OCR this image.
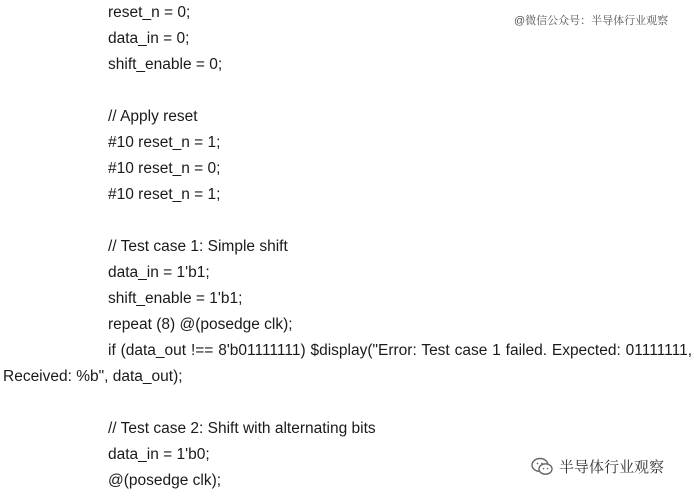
reset_n = 0;
data_in = 0;
shift_enable = 0;
// Apply reset
#10 reset_n = 1;
#10 reset_n = 0;
#10 reset_n = 1;
// Test case 1: Simple shift
data_in = 1'b1;
shift_enable = 1'b1;
repeat (8) @(posedge clk);
if (data_out !== 8'b01111111) $display("Error: Test case 1 failed. Expected: 01111111, Received: %b", data_out);
// Test case 2: Shift with alternating bits
data_in = 1'b0;
@(posedge clk);
@微信公众号：半导体行业观察
半导体行业观察
